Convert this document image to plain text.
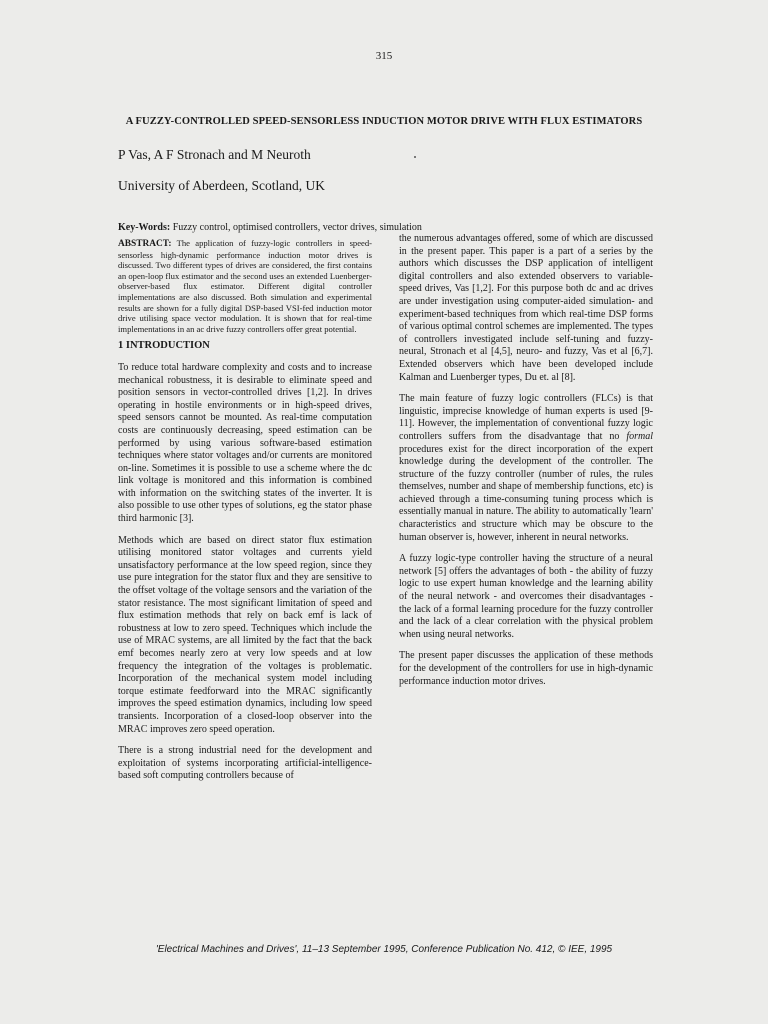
315
A FUZZY-CONTROLLED SPEED-SENSORLESS INDUCTION MOTOR DRIVE WITH FLUX ESTIMATORS
P Vas, A F Stronach and M Neuroth
University of Aberdeen, Scotland, UK
Key-Words: Fuzzy control, optimised controllers, vector drives, simulation

ABSTRACT: The application of fuzzy-logic controllers in speed-sensorless high-dynamic performance induction motor drives is discussed. Two different types of drives are considered, the first contains an open-loop flux estimator and the second uses an extended Luenberger-observer-based flux estimator. Different digital controller implementations are also discussed. Both simulation and experimental results are shown for a fully digital DSP-based VSI-fed induction motor drive utilising space vector modulation. It is shown that for real-time implementations in an ac drive fuzzy controllers offer great potential.

1 INTRODUCTION

To reduce total hardware complexity and costs and to increase mechanical robustness, it is desirable to eliminate speed and position sensors in vector-controlled drives [1,2]. In drives operating in hostile environments or in high-speed drives, speed sensors cannot be mounted. As real-time computation costs are continuously decreasing, speed estimation can be performed by using various software-based estimation techniques where stator voltages and/or currents are monitored on-line. Sometimes it is possible to use a scheme where the dc link voltage is monitored and this information is combined with information on the switching states of the inverter. It is also possible to use other types of solutions, eg the stator phase third harmonic [3].

Methods which are based on direct stator flux estimation utilising monitored stator voltages and currents yield unsatisfactory performance at the low speed region, since they use pure integration for the stator flux and they are sensitive to the offset voltage of the voltage sensors and the variation of the stator resistance. The most significant limitation of speed and flux estimation methods that rely on back emf is lack of robustness at low to zero speed. Techniques which include the use of MRAC systems, are all limited by the fact that the back emf becomes nearly zero at very low speeds and at low frequency the integration of the voltages is problematic. Incorporation of the mechanical system model including torque estimate feedforward into the MRAC significantly improves the speed estimation dynamics, including low speed transients. Incorporation of a closed-loop observer into the MRAC improves zero speed operation.

There is a strong industrial need for the development and exploitation of systems incorporating artificial-intelligence-based soft computing controllers because of

the numerous advantages offered, some of which are discussed in the present paper. This paper is a part of a series by the authors which discusses the DSP application of intelligent digital controllers and also extended observers to variable-speed drives, Vas [1,2]. For this purpose both dc and ac drives are under investigation using computer-aided simulation- and experiment-based techniques from which real-time DSP forms of various optimal control schemes are implemented. The types of controllers investigated include self-tuning and fuzzy-neural, Stronach et al [4,5], neuro- and fuzzy, Vas et al [6,7]. Extended observers which have been developed include Kalman and Luenberger types, Du et. al [8].

The main feature of fuzzy logic controllers (FLCs) is that linguistic, imprecise knowledge of human experts is used [9-11]. However, the implementation of conventional fuzzy logic controllers suffers from the disadvantage that no formal procedures exist for the direct incorporation of the expert knowledge during the development of the controller. The structure of the fuzzy controller (number of rules, the rules themselves, number and shape of membership functions, etc) is achieved through a time-consuming tuning process which is essentially manual in nature. The ability to automatically 'learn' characteristics and structure which may be obscure to the human observer is, however, inherent in neural networks.

A fuzzy logic-type controller having the structure of a neural network [5] offers the advantages of both - the ability of fuzzy logic to use expert human knowledge and the learning ability of the neural network - and overcomes their disadvantages - the lack of a formal learning procedure for the fuzzy controller and the lack of a clear correlation with the physical problem when using neural networks.

The present paper discusses the application of these methods for the development of the controllers for use in high-dynamic performance induction motor drives.

'Electrical Machines and Drives', 11–13 September 1995, Conference Publication No. 412, © IEE, 1995
